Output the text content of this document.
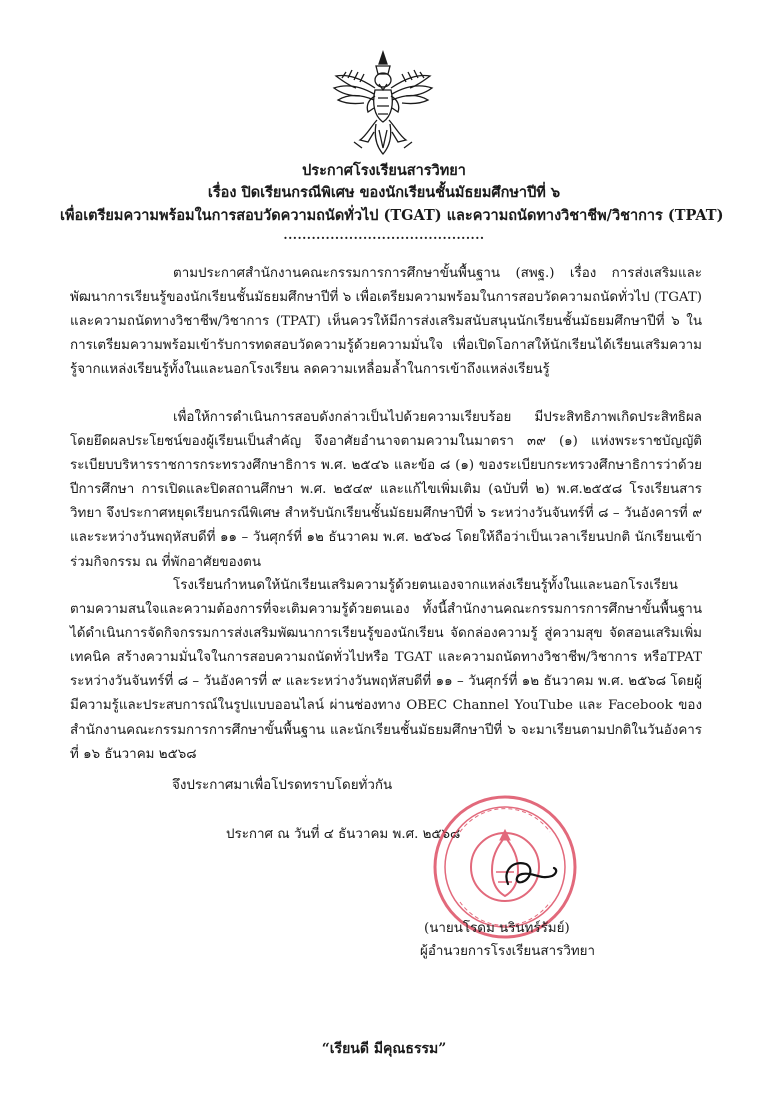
ประกาศโรงเรียนสารวิทยา
เรื่อง ปิดเรียนกรณีพิเศษ ของนักเรียนชั้นมัธยมศึกษาปีที่ ๖
เพื่อเตรียมความพร้อมในการสอบวัดความถนัดทั่วไป (TGAT) และความถนัดทางวิชาชีพ/วิชาการ (TPAT)
...........................................

ตามประกาศสำนักงานคณะกรรมการการศึกษาขั้นพื้นฐาน (สพฐ.) เรื่อง การส่งเสริมและพัฒนาการเรียนรู้ของนักเรียนชั้นมัธยมศึกษาปีที่ ๖ เพื่อเตรียมความพร้อมในการสอบวัดความถนัดทั่วไป (TGAT) และความถนัดทางวิชาชีพ/วิชาการ (TPAT) เห็นควรให้มีการส่งเสริมสนับสนุนนักเรียนชั้นมัธยมศึกษาปีที่ ๖ ในการเตรียมความพร้อมเข้ารับการทดสอบวัดความรู้ด้วยความมั่นใจ เพื่อเปิดโอกาสให้นักเรียนได้เรียนเสริมความรู้จากแหล่งเรียนรู้ทั้งในและนอกโรงเรียน ลดความเหลื่อมล้ำในการเข้าถึงแหล่งเรียนรู้

เพื่อให้การดำเนินการสอบดังกล่าวเป็นไปด้วยความเรียบร้อย มีประสิทธิภาพเกิดประสิทธิผล โดยยึดผลประโยชน์ของผู้เรียนเป็นสำคัญ จึงอาศัยอำนาจตามความในมาตรา ๓๙ (๑) แห่งพระราชบัญญัติระเบียบบริหารราชการกระทรวงศึกษาธิการ พ.ศ. ๒๕๔๖ และข้อ ๘ (๑) ของระเบียบกระทรวงศึกษาธิการว่าด้วยปีการศึกษา การเปิดและปิดสถานศึกษา พ.ศ. ๒๕๔๙ และแก้ไขเพิ่มเติม (ฉบับที่ ๒) พ.ศ.๒๕๕๘ โรงเรียนสารวิทยา จึงประกาศหยุดเรียนกรณีพิเศษ สำหรับนักเรียนชั้นมัธยมศึกษาปีที่ ๖ ระหว่างวันจันทร์ที่ ๘ – วันอังคารที่ ๙ และระหว่างวันพฤหัสบดีที่ ๑๑ – วันศุกร์ที่ ๑๒ ธันวาคม พ.ศ. ๒๕๖๘ โดยให้ถือว่าเป็นเวลาเรียนปกติ นักเรียนเข้าร่วมกิจกรรม ณ ที่พักอาศัยของตน

โรงเรียนกำหนดให้นักเรียนเสริมความรู้ด้วยตนเองจากแหล่งเรียนรู้ทั้งในและนอกโรงเรียน ตามความสนใจและความต้องการที่จะเติมความรู้ด้วยตนเอง ทั้งนี้สำนักงานคณะกรรมการการศึกษาขั้นพื้นฐาน ได้ดำเนินการจัดกิจกรรมการส่งเสริมพัฒนาการเรียนรู้ของนักเรียน จัดกล่องความรู้ สู่ความสุข จัดสอนเสริมเพิ่มเทคนิค สร้างความมั่นใจในการสอบความถนัดทั่วไปหรือ TGAT และความถนัดทางวิชาชีพ/วิชาการ หรือTPAT ระหว่างวันจันทร์ที่ ๘ – วันอังคารที่ ๙ และระหว่างวันพฤหัสบดีที่ ๑๑ – วันศุกร์ที่ ๑๒ ธันวาคม พ.ศ. ๒๕๖๘ โดยผู้มีความรู้และประสบการณ์ในรูปแบบออนไลน์ ผ่านช่องทาง OBEC Channel YouTube และ Facebook ของสำนักงานคณะกรรมการการศึกษาขั้นพื้นฐาน และนักเรียนชั้นมัธยมศึกษาปีที่ ๖ จะมาเรียนตามปกติในวันอังคารที่ ๑๖ ธันวาคม ๒๕๖๘

จึงประกาศมาเพื่อโปรดทราบโดยทั่วกัน
ประกาศ ณ วันที่ ๔ ธันวาคม พ.ศ. ๒๕๖๘
(นายนโรดม นรินทร์รัมย์)
ผู้อำนวยการโรงเรียนสารวิทยา
“เรียนดี มีคุณธรรม”
